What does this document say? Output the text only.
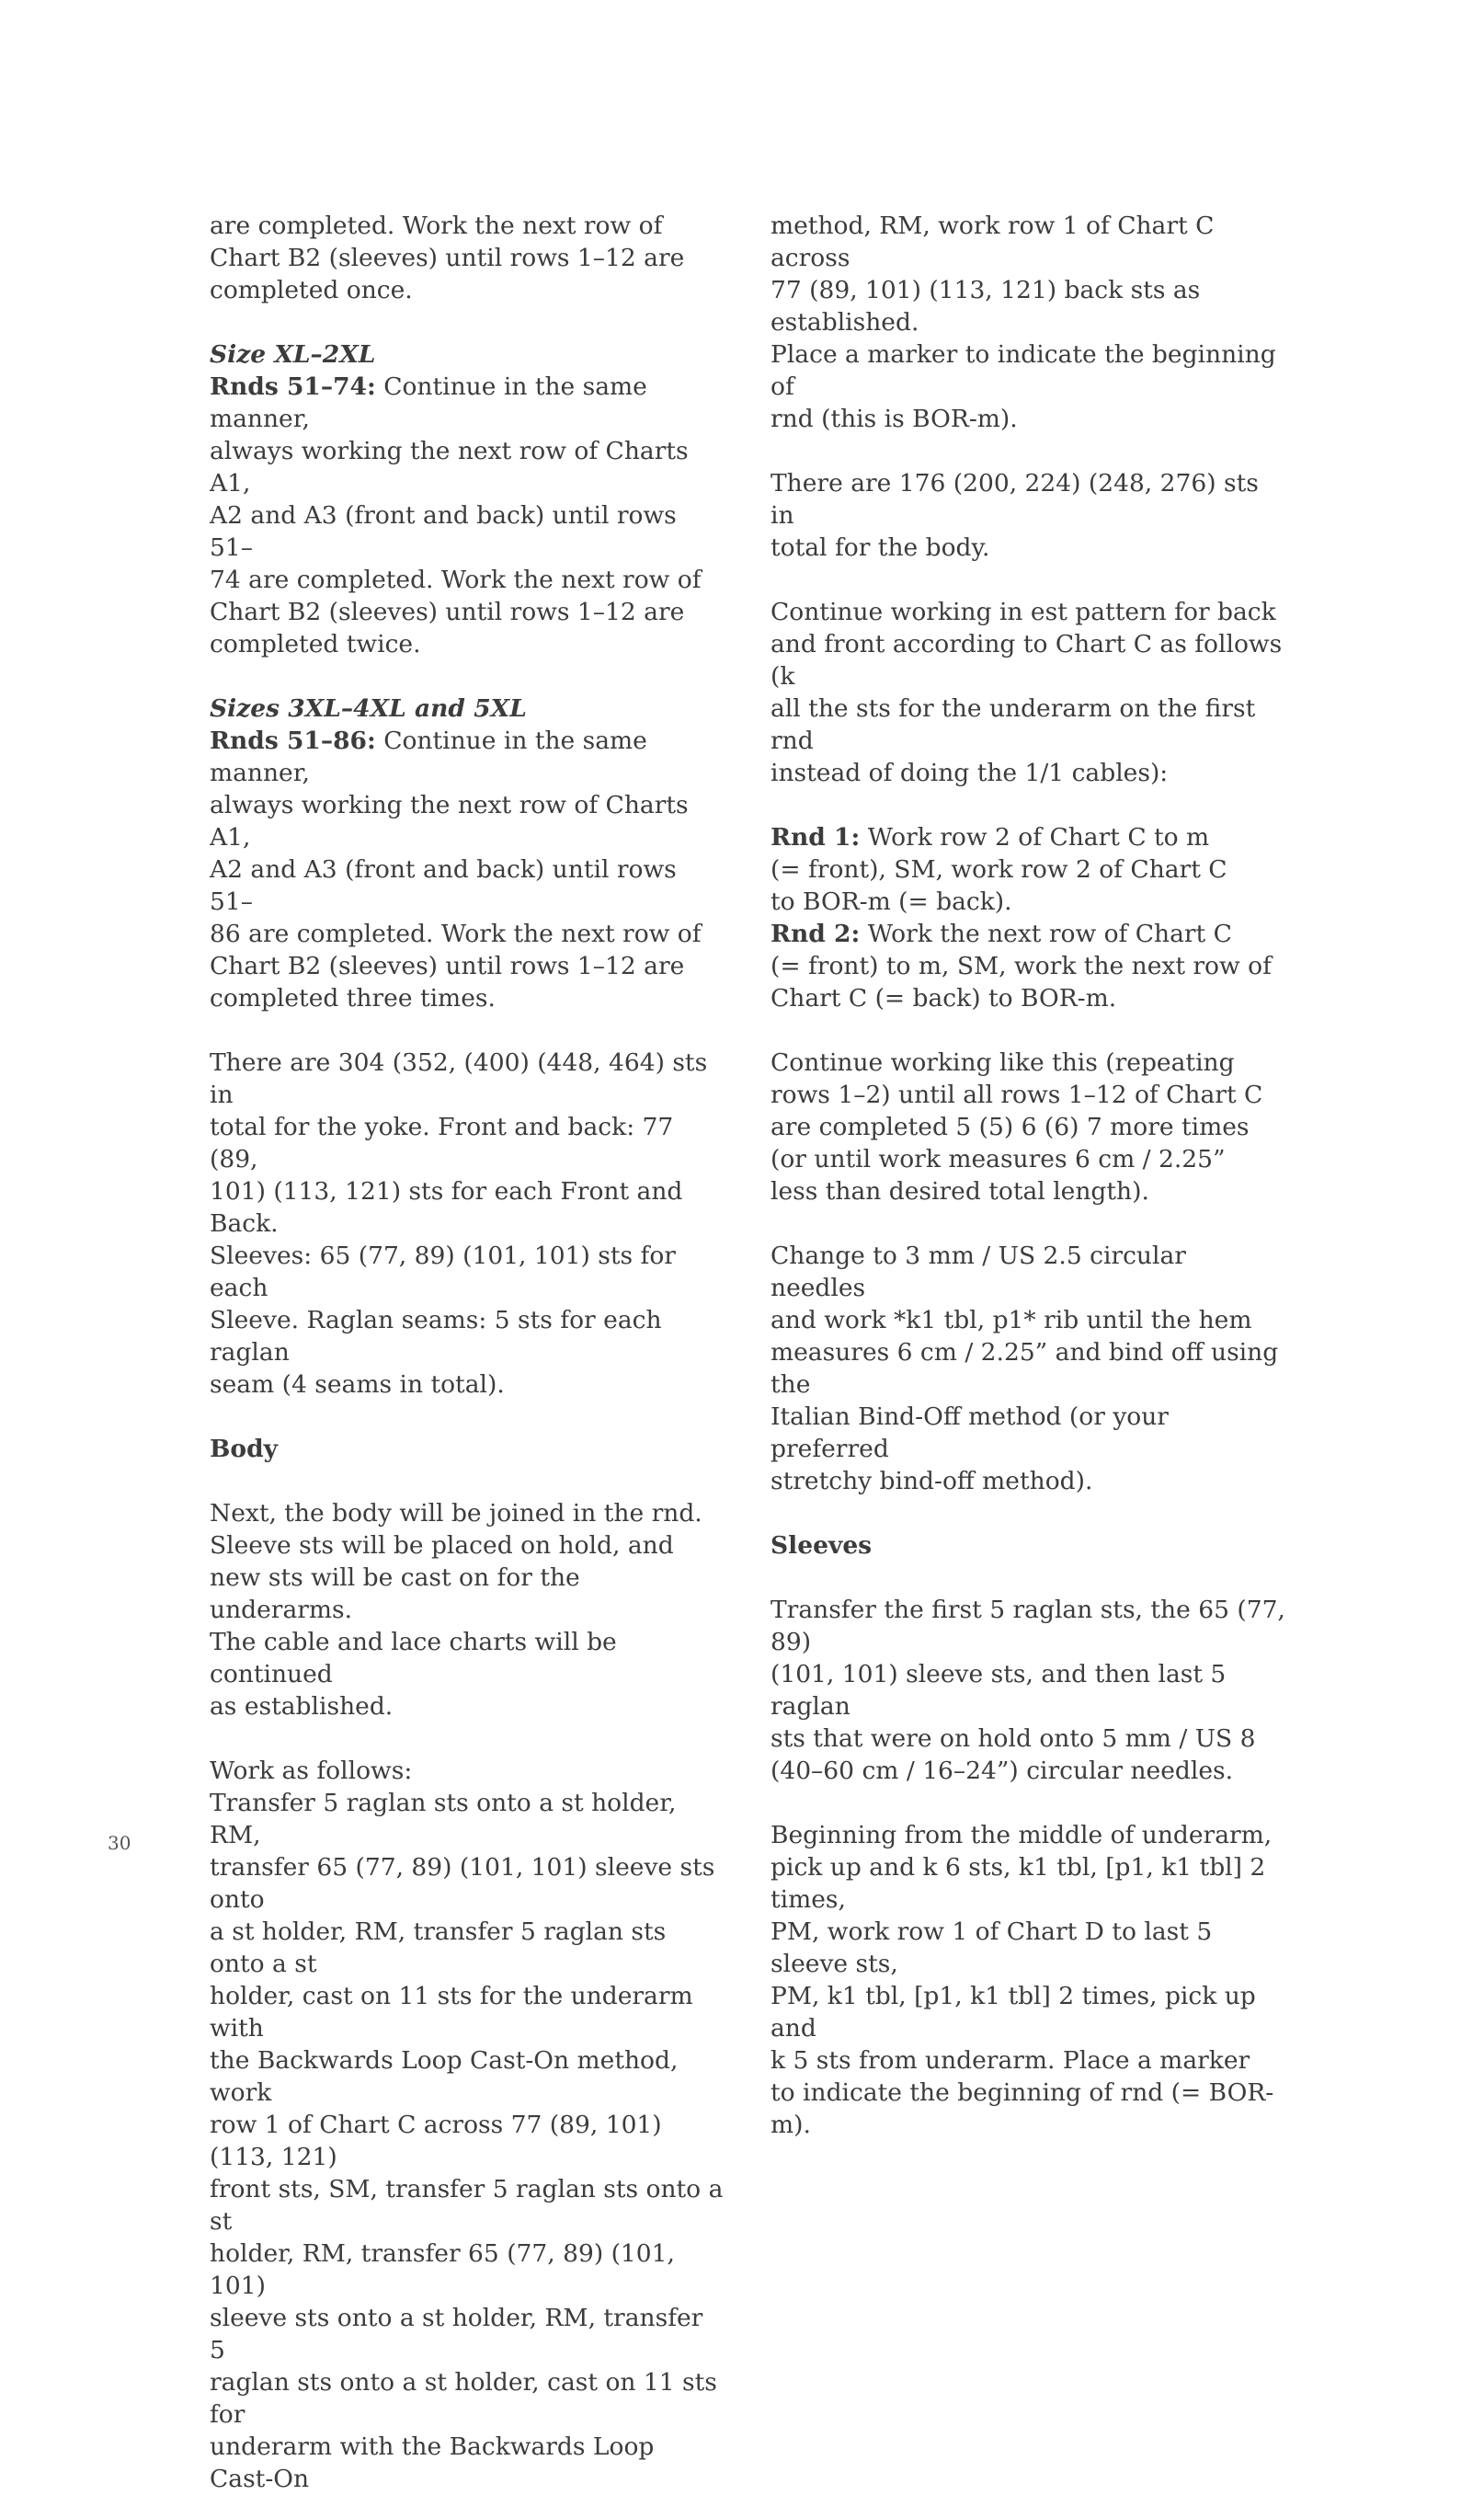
are completed. Work the next row of
Chart B2 (sleeves) until rows 1–12 are
completed once.

Size XL–2XL
Rnds 51–74: Continue in the same manner,
always working the next row of Charts A1,
A2 and A3 (front and back) until rows 51–
74 are completed. Work the next row of
Chart B2 (sleeves) until rows 1–12 are
completed twice.

Sizes 3XL–4XL and 5XL
Rnds 51–86: Continue in the same manner,
always working the next row of Charts A1,
A2 and A3 (front and back) until rows 51–
86 are completed. Work the next row of
Chart B2 (sleeves) until rows 1–12 are
completed three times.

There are 304 (352, (400) (448, 464) sts in
total for the yoke. Front and back: 77 (89,
101) (113, 121) sts for each Front and Back.
Sleeves: 65 (77, 89) (101, 101) sts for each
Sleeve. Raglan seams: 5 sts for each raglan
seam (4 seams in total).

Body

Next, the body will be joined in the rnd.
Sleeve sts will be placed on hold, and
new sts will be cast on for the underarms.
The cable and lace charts will be continued
as established.

Work as follows:
Transfer 5 raglan sts onto a st holder, RM,
transfer 65 (77, 89) (101, 101) sleeve sts onto
a st holder, RM, transfer 5 raglan sts onto a st
holder, cast on 11 sts for the underarm with
the Backwards Loop Cast-On method, work
row 1 of Chart C across 77 (89, 101) (113, 121)
front sts, SM, transfer 5 raglan sts onto a st
holder, RM, transfer 65 (77, 89) (101, 101)
sleeve sts onto a st holder, RM, transfer 5
raglan sts onto a st holder, cast on 11 sts for
underarm with the Backwards Loop Cast-On

method, RM, work row 1 of Chart C across
77 (89, 101) (113, 121) back sts as established.
Place a marker to indicate the beginning of
rnd (this is BOR-m).

There are 176 (200, 224) (248, 276) sts in
total for the body.

Continue working in est pattern for back
and front according to Chart C as follows (k
all the sts for the underarm on the first rnd
instead of doing the 1/1 cables):

Rnd 1: Work row 2 of Chart C to m
(= front), SM, work row 2 of Chart C
to BOR-m (= back).
Rnd 2: Work the next row of Chart C
(= front) to m, SM, work the next row of
Chart C (= back) to BOR-m.

Continue working like this (repeating
rows 1–2) until all rows 1–12 of Chart C
are completed 5 (5) 6 (6) 7 more times
(or until work measures 6 cm / 2.25”
less than desired total length).

Change to 3 mm / US 2.5 circular needles
and work *k1 tbl, p1* rib until the hem
measures 6 cm / 2.25” and bind off using the
Italian Bind-Off method (or your preferred
stretchy bind-off method).

Sleeves

Transfer the first 5 raglan sts, the 65 (77, 89)
(101, 101) sleeve sts, and then last 5 raglan
sts that were on hold onto 5 mm / US 8
(40–60 cm / 16–24”) circular needles.

Beginning from the middle of underarm,
pick up and k 6 sts, k1 tbl, [p1, k1 tbl] 2 times,
PM, work row 1 of Chart D to last 5 sleeve sts,
PM, k1 tbl, [p1, k1 tbl] 2 times, pick up and
k 5 sts from underarm. Place a marker
to indicate the beginning of rnd (= BOR-m).

30
